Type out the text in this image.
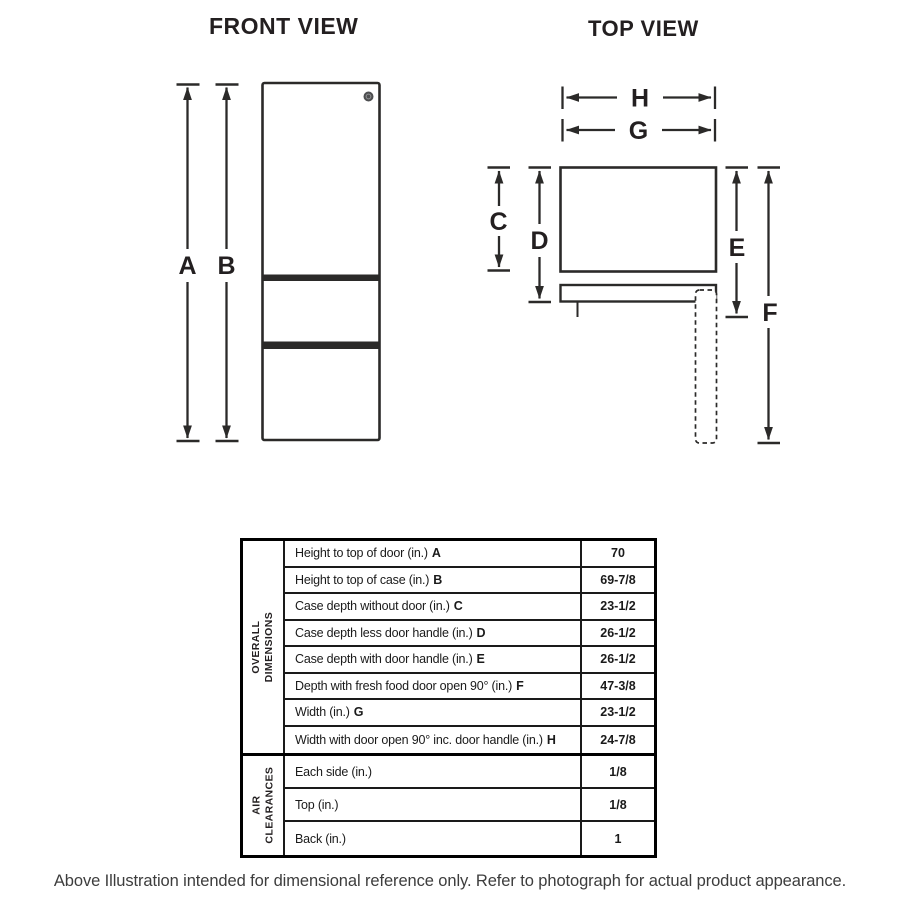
FRONT VIEW	TOP VIEW
A B
H
G
C
D	E
F
OVERALL
DIMENSIONS
Height to top of door (in.) A	70
Height to top of case (in.) B	69-7/8
Case depth without door (in.) C	23-1/2
Case depth less door handle (in.) D	26-1/2
Case depth with door handle (in.) E	26-1/2
Depth with fresh food door open 90° (in.) F	47-3/8
Width (in.) G	23-1/2
Width with door open 90° inc. door handle (in.) H	24-7/8
AIR
CLEARANCES Each side (in.)	1/8
Top (in.)	1/8
Back (in.)	1
Above Illustration intended for dimensional reference only. Refer to photograph for actual product appearance.
